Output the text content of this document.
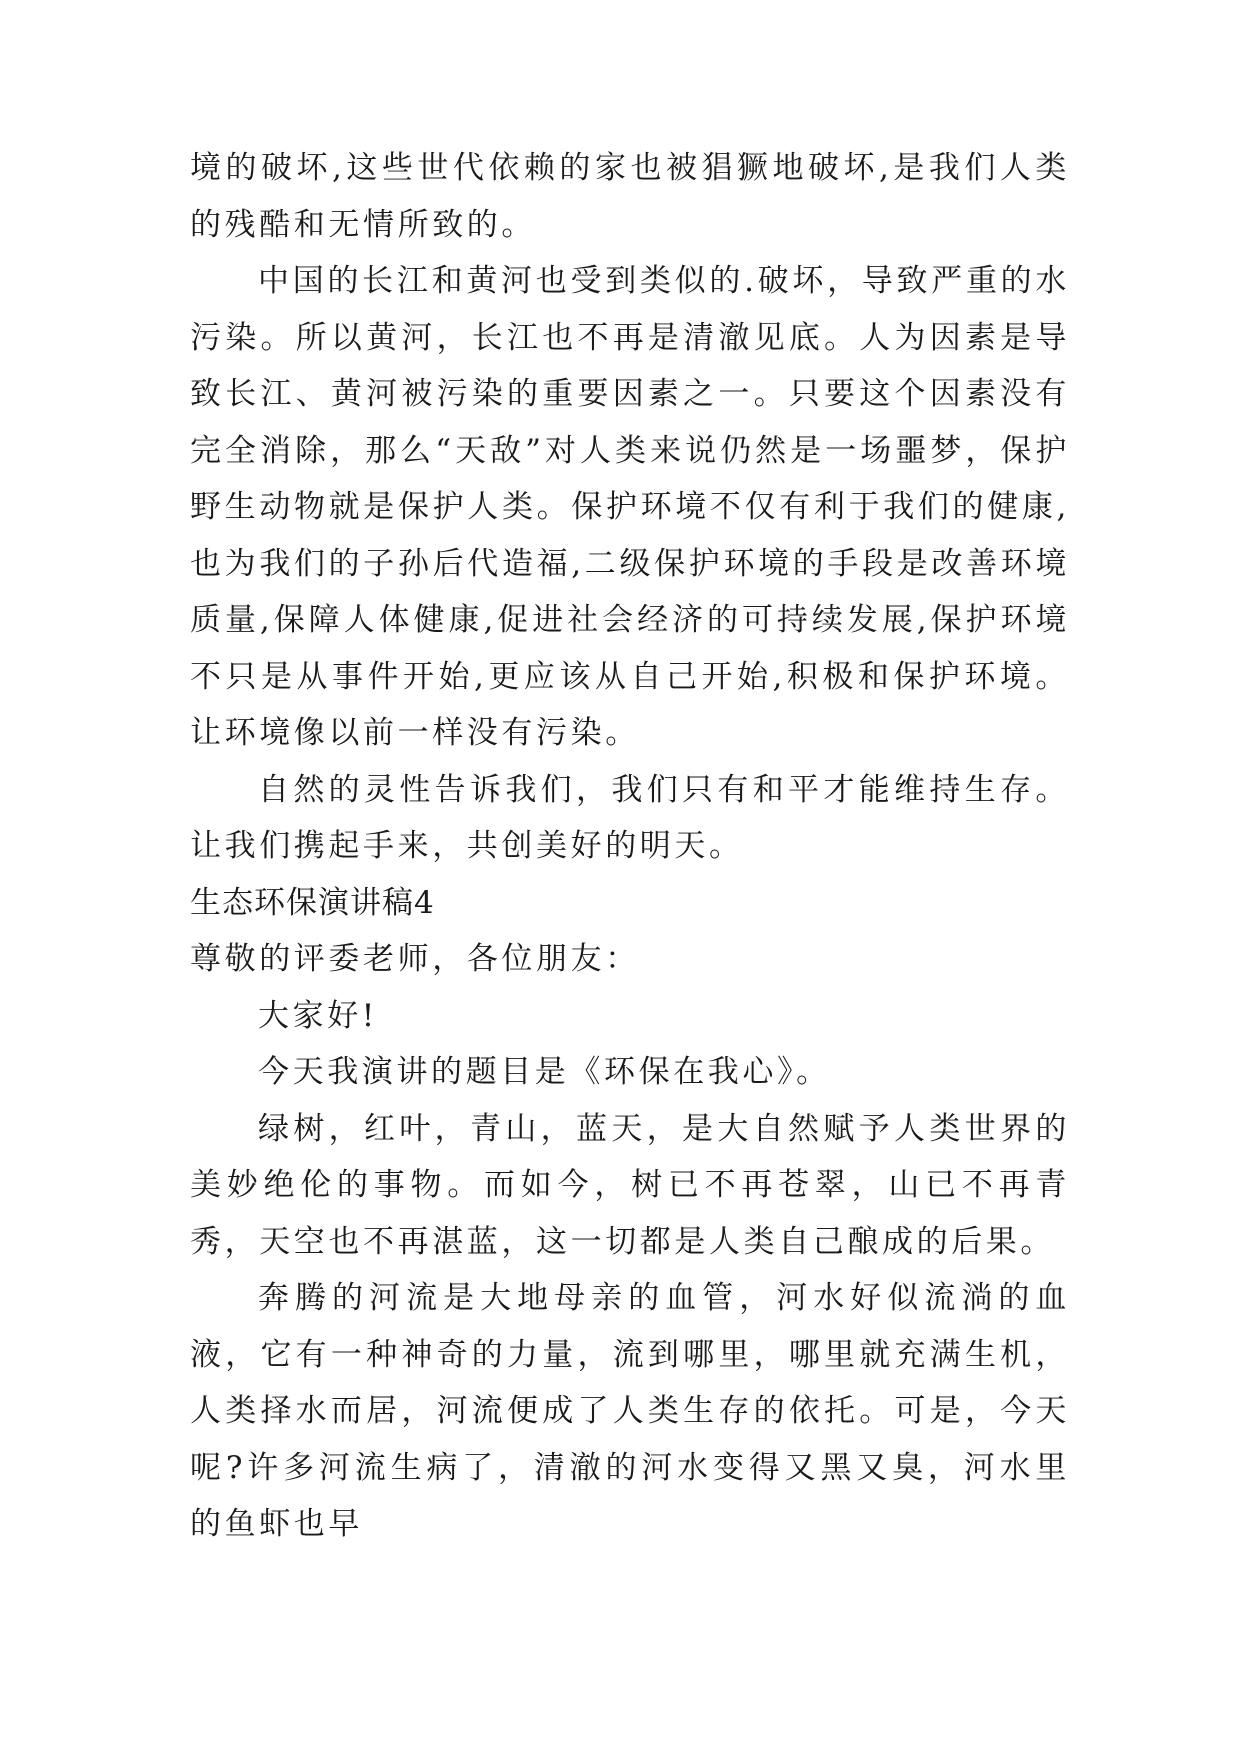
境的破坏,这些世代依赖的家也被猖獗地破坏,是我们人类的残酷和无情所致的。

中国的长江和黄河也受到类似的.破坏，导致严重的水污染。所以黄河，长江也不再是清澈见底。人为因素是导致长江、黄河被污染的重要因素之一。只要这个因素没有完全消除，那么“天敌”对人类来说仍然是一场噩梦，保护野生动物就是保护人类。保护环境不仅有利于我们的健康,也为我们的子孙后代造福,二级保护环境的手段是改善环境质量,保障人体健康,促进社会经济的可持续发展,保护环境不只是从事件开始,更应该从自己开始,积极和保护环境。让环境像以前一样没有污染。

自然的灵性告诉我们，我们只有和平才能维持生存。让我们携起手来，共创美好的明天。

生态环保演讲稿4

尊敬的评委老师，各位朋友：

大家好!

今天我演讲的题目是《环保在我心》。

绿树，红叶，青山，蓝天，是大自然赋予人类世界的美妙绝伦的事物。而如今，树已不再苍翠，山已不再青秀，天空也不再湛蓝，这一切都是人类自己酿成的后果。

奔腾的河流是大地母亲的血管，河水好似流淌的血液，它有一种神奇的力量，流到哪里，哪里就充满生机，人类择水而居，河流便成了人类生存的依托。可是，今天呢?许多河流生病了，清澈的河水变得又黑又臭，河水里的鱼虾也早
